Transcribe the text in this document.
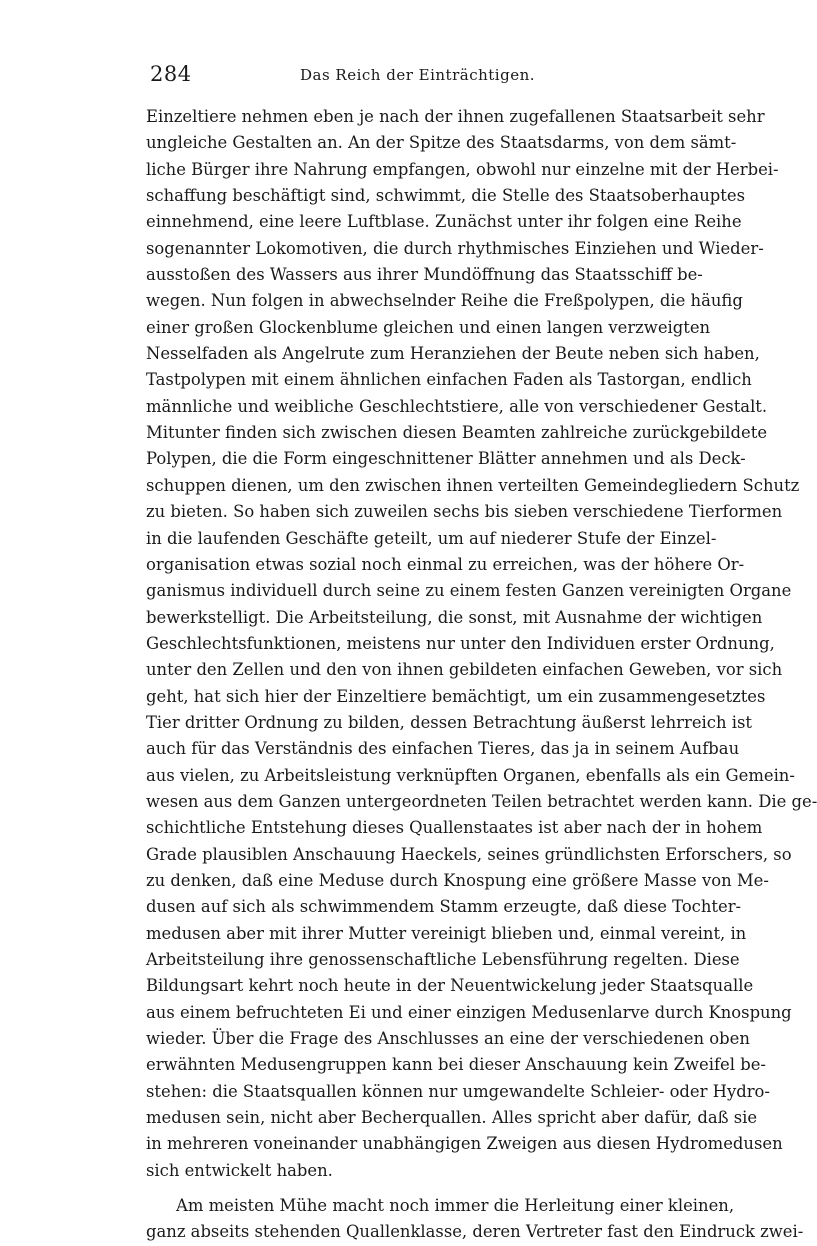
284	Das Reich der Einträchtigen.
Einzeltiere nehmen eben je nach der ihnen zugefallenen Staatsarbeit sehr
ungleiche Gestalten an. An der Spitze des Staatsdarms, von dem sämt-
liche Bürger ihre Nahrung empfangen, obwohl nur einzelne mit der Herbei-
schaffung beschäftigt sind, schwimmt, die Stelle des Staatsoberhauptes
einnehmend, eine leere Luftblase. Zunächst unter ihr folgen eine Reihe
sogenannter Lokomotiven, die durch rhythmisches Einziehen und Wieder-
ausstoßen des Wassers aus ihrer Mundöffnung das Staatsschiff be-
wegen. Nun folgen in abwechselnder Reihe die Freßpolypen, die häufig
einer großen Glockenblume gleichen und einen langen verzweigten
Nesselfaden als Angelrute zum Heranziehen der Beute neben sich haben,
Tastpolypen mit einem ähnlichen einfachen Faden als Tastorgan, endlich
männliche und weibliche Geschlechtstiere, alle von verschiedener Gestalt.
Mitunter finden sich zwischen diesen Beamten zahlreiche zurückgebildete
Polypen, die die Form eingeschnittener Blätter annehmen und als Deck-
schuppen dienen, um den zwischen ihnen verteilten Gemeindegliedern Schutz
zu bieten. So haben sich zuweilen sechs bis sieben verschiedene Tierformen
in die laufenden Geschäfte geteilt, um auf niederer Stufe der Einzel-
organisation etwas sozial noch einmal zu erreichen, was der höhere Or-
ganismus individuell durch seine zu einem festen Ganzen vereinigten Organe
bewerkstelligt. Die Arbeitsteilung, die sonst, mit Ausnahme der wichtigen
Geschlechtsfunktionen, meistens nur unter den Individuen erster Ordnung,
unter den Zellen und den von ihnen gebildeten einfachen Geweben, vor sich
geht, hat sich hier der Einzeltiere bemächtigt, um ein zusammengesetztes
Tier dritter Ordnung zu bilden, dessen Betrachtung äußerst lehrreich ist
auch für das Verständnis des einfachen Tieres, das ja in seinem Aufbau
aus vielen, zu Arbeitsleistung verknüpften Organen, ebenfalls als ein Gemein-
wesen aus dem Ganzen untergeordneten Teilen betrachtet werden kann. Die ge-
schichtliche Entstehung dieses Quallenstaates ist aber nach der in hohem
Grade plausiblen Anschauung Haeckels, seines gründlichsten Erforschers, so
zu denken, daß eine Meduse durch Knospung eine größere Masse von Me-
dusen auf sich als schwimmendem Stamm erzeugte, daß diese Tochter-
medusen aber mit ihrer Mutter vereinigt blieben und, einmal vereint, in
Arbeitsteilung ihre genossenschaftliche Lebensführung regelten. Diese
Bildungsart kehrt noch heute in der Neuentwickelung jeder Staatsqualle
aus einem befruchteten Ei und einer einzigen Medusenlarve durch Knospung
wieder. Über die Frage des Anschlusses an eine der verschiedenen oben
erwähnten Medusengruppen kann bei dieser Anschauung kein Zweifel be-
stehen: die Staatsquallen können nur umgewandelte Schleier- oder Hydro-
medusen sein, nicht aber Becherquallen. Alles spricht aber dafür, daß sie
in mehreren voneinander unabhängigen Zweigen aus diesen Hydromedusen
sich entwickelt haben.
Am meisten Mühe macht noch immer die Herleitung einer kleinen,
ganz abseits stehenden Quallenklasse, deren Vertreter fast den Eindruck zwei-
